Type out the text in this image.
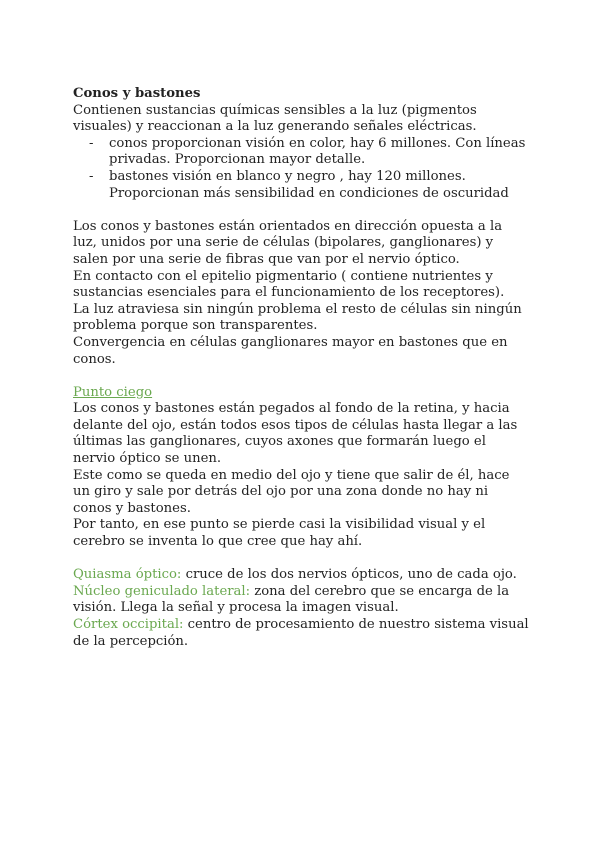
Conos y bastones

Contienen sustancias químicas sensibles a la luz (pigmentos visuales) y reaccionan a la luz generando señales eléctricas.

- conos proporcionan visión en color, hay 6 millones. Con líneas privadas. Proporcionan mayor detalle.
- bastones visión en blanco y negro , hay 120 millones. Proporcionan más sensibilidad en condiciones de oscuridad

Los conos y bastones están orientados en dirección opuesta a la luz, unidos por una serie de células (bipolares, ganglionares) y salen por una serie de fibras que van por el nervio óptico.

En contacto con el epitelio pigmentario ( contiene nutrientes y sustancias esenciales para el funcionamiento de los receptores).

La luz atraviesa sin ningún problema el resto de células sin ningún problema porque son transparentes.

Convergencia en células ganglionares mayor en bastones que en conos.

Punto ciego

Los conos y bastones están pegados al fondo de la retina, y hacia delante del ojo, están todos esos tipos de células hasta llegar a las últimas las ganglionares, cuyos axones que formarán luego el nervio óptico se unen.

Este como se queda en medio del ojo y tiene que salir de él, hace un giro y sale por detrás del ojo por una zona donde no hay ni conos y bastones.

Por tanto, en ese punto se pierde casi la visibilidad visual y el cerebro se inventa lo que cree que hay ahí.

Quiasma óptico: cruce de los dos nervios ópticos, uno de cada ojo.

Núcleo geniculado lateral: zona del cerebro que se encarga de la visión. Llega la señal y procesa la imagen visual.

Córtex occipital: centro de procesamiento de nuestro sistema visual de la percepción.
